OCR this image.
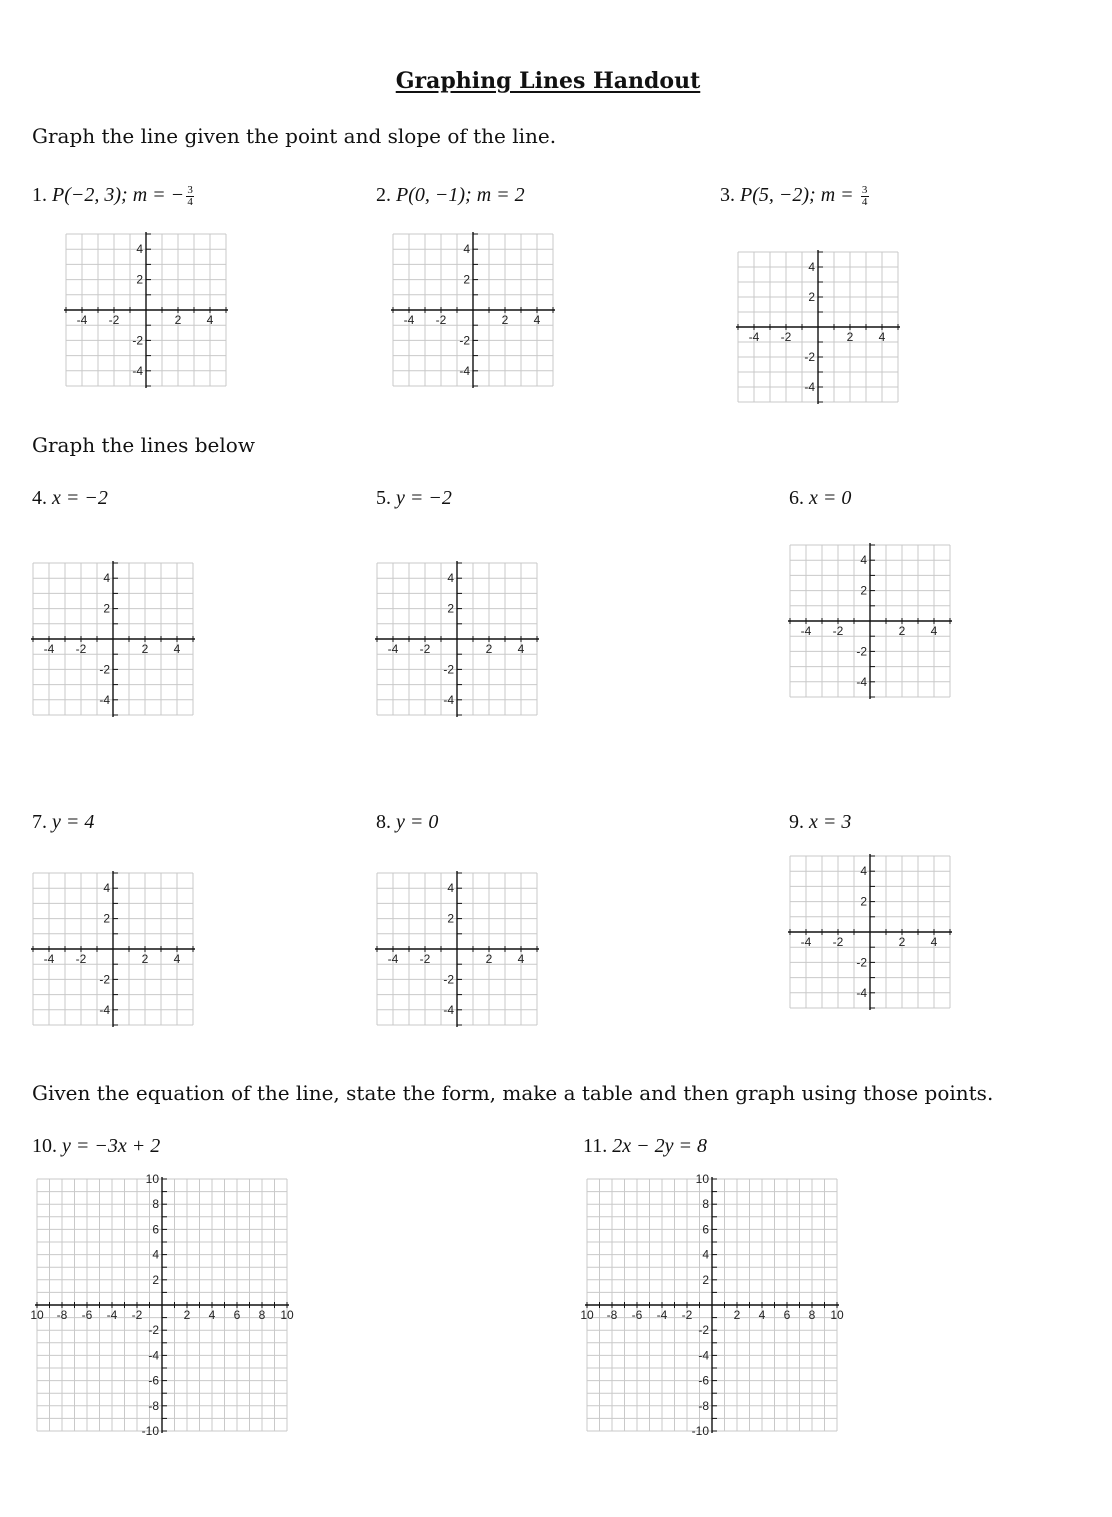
Graphing Lines Handout
Graph the line given the point and slope of the line.
1. P(−2, 3); m = − $\frac{3}{4}$	2. P(0, −1); m = 2	3. P(5, −2); $m = \frac{3}{4}$
-4 -2	2 4
4
2
-2
-4
-4 -2	2 4
4
2
-2
-4
-4 -2	2 4
4
2
-2
-4
Graph the lines below
4. x = −2	5. y = −2	6. x = 0
-4 -2	2 4
4
2
-2
-4
-4 -2	2 4
4
2
-2
-4
-4 -2	2 4
4
2
-2
-4
7. y = 4	8. y = 0	9. x = 3
-4 -2	2 4
4
2
-2
-4
-4 -2	2 4
4
2
-2
-4
-4 -2	2 4
4
2
-2
-4
Given the equation of the line, state the form, make a table and then graph using those points.
10. y = −3x + 2	11. 2x − 2y = 8
10 -8 -6 -4 -2	2 4 6 8 10
10
8
6
4
2
-2
-4
-6
-8
-10
10 -8 -6 -4 -2	2 4 6 8 10
10
8
6
4
2
-2
-4
-6
-8
-10
